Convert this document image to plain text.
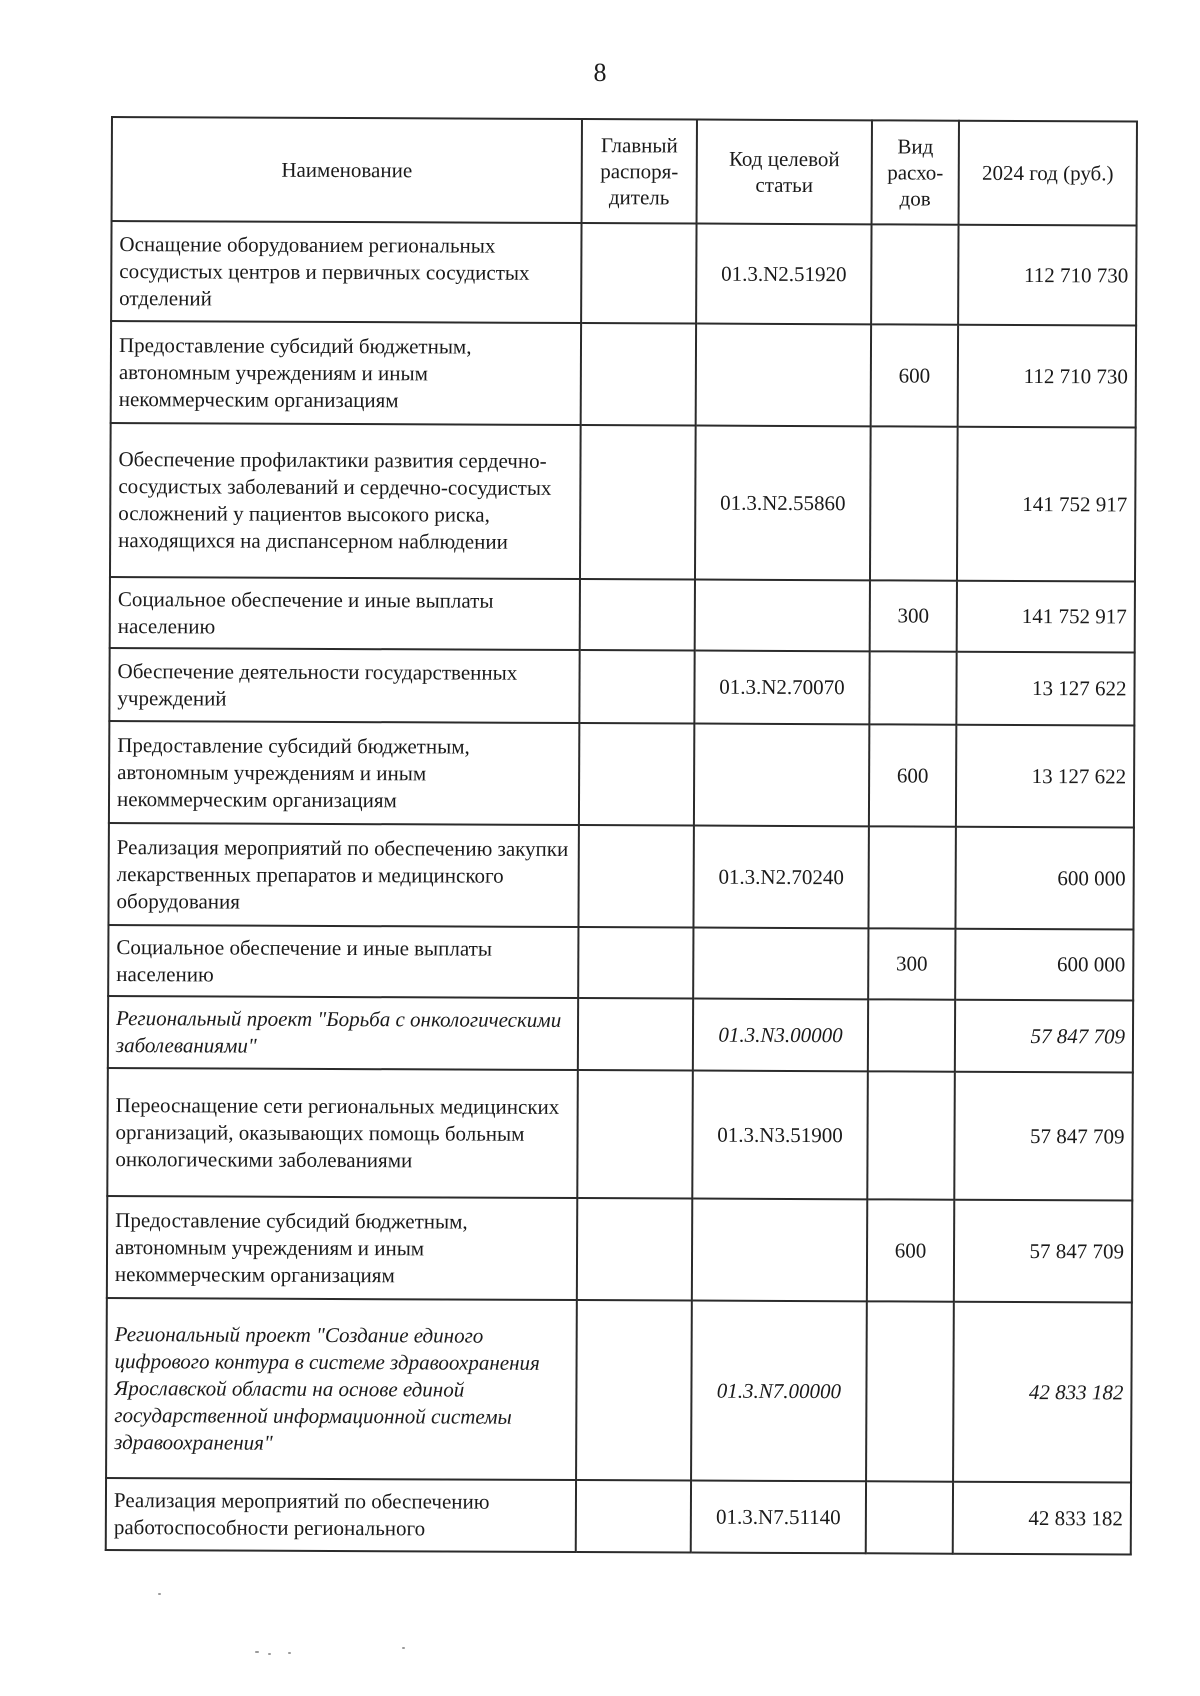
8
Наименование	Главный распоря-дитель	Код целевой статьи	Вид расхо-дов	2024 год (руб.)
Оснащение оборудованием региональных сосудистых центров и первичных сосудистых отделений		01.3.N2.51920		112 710 730
Предоставление субсидий бюджетным, автономным учреждениям и иным некоммерческим организациям			600	112 710 730
Обеспечение профилактики развития сердечно-сосудистых заболеваний и сердечно-сосудистых осложнений у пациентов высокого риска, находящихся на диспансерном наблюдении		01.3.N2.55860		141 752 917
Социальное обеспечение и иные выплаты населению			300	141 752 917
Обеспечение деятельности государственных учреждений		01.3.N2.70070		13 127 622
Предоставление субсидий бюджетным, автономным учреждениям и иным некоммерческим организациям			600	13 127 622
Реализация мероприятий по обеспечению закупки лекарственных препаратов и медицинского оборудования		01.3.N2.70240		600 000
Социальное обеспечение и иные выплаты населению			300	600 000
Региональный проект "Борьба с онкологическими заболеваниями"		01.3.N3.00000		57 847 709
Переоснащение сети региональных медицинских организаций, оказывающих помощь больным онкологическими заболеваниями		01.3.N3.51900		57 847 709
Предоставление субсидий бюджетным, автономным учреждениям и иным некоммерческим организациям			600	57 847 709
Региональный проект "Создание единого цифрового контура в системе здравоохранения Ярославской области на основе единой государственной информационной системы здравоохранения"		01.3.N7.00000		42 833 182
Реализация мероприятий по обеспечению работоспособности регионального		01.3.N7.51140		42 833 182
